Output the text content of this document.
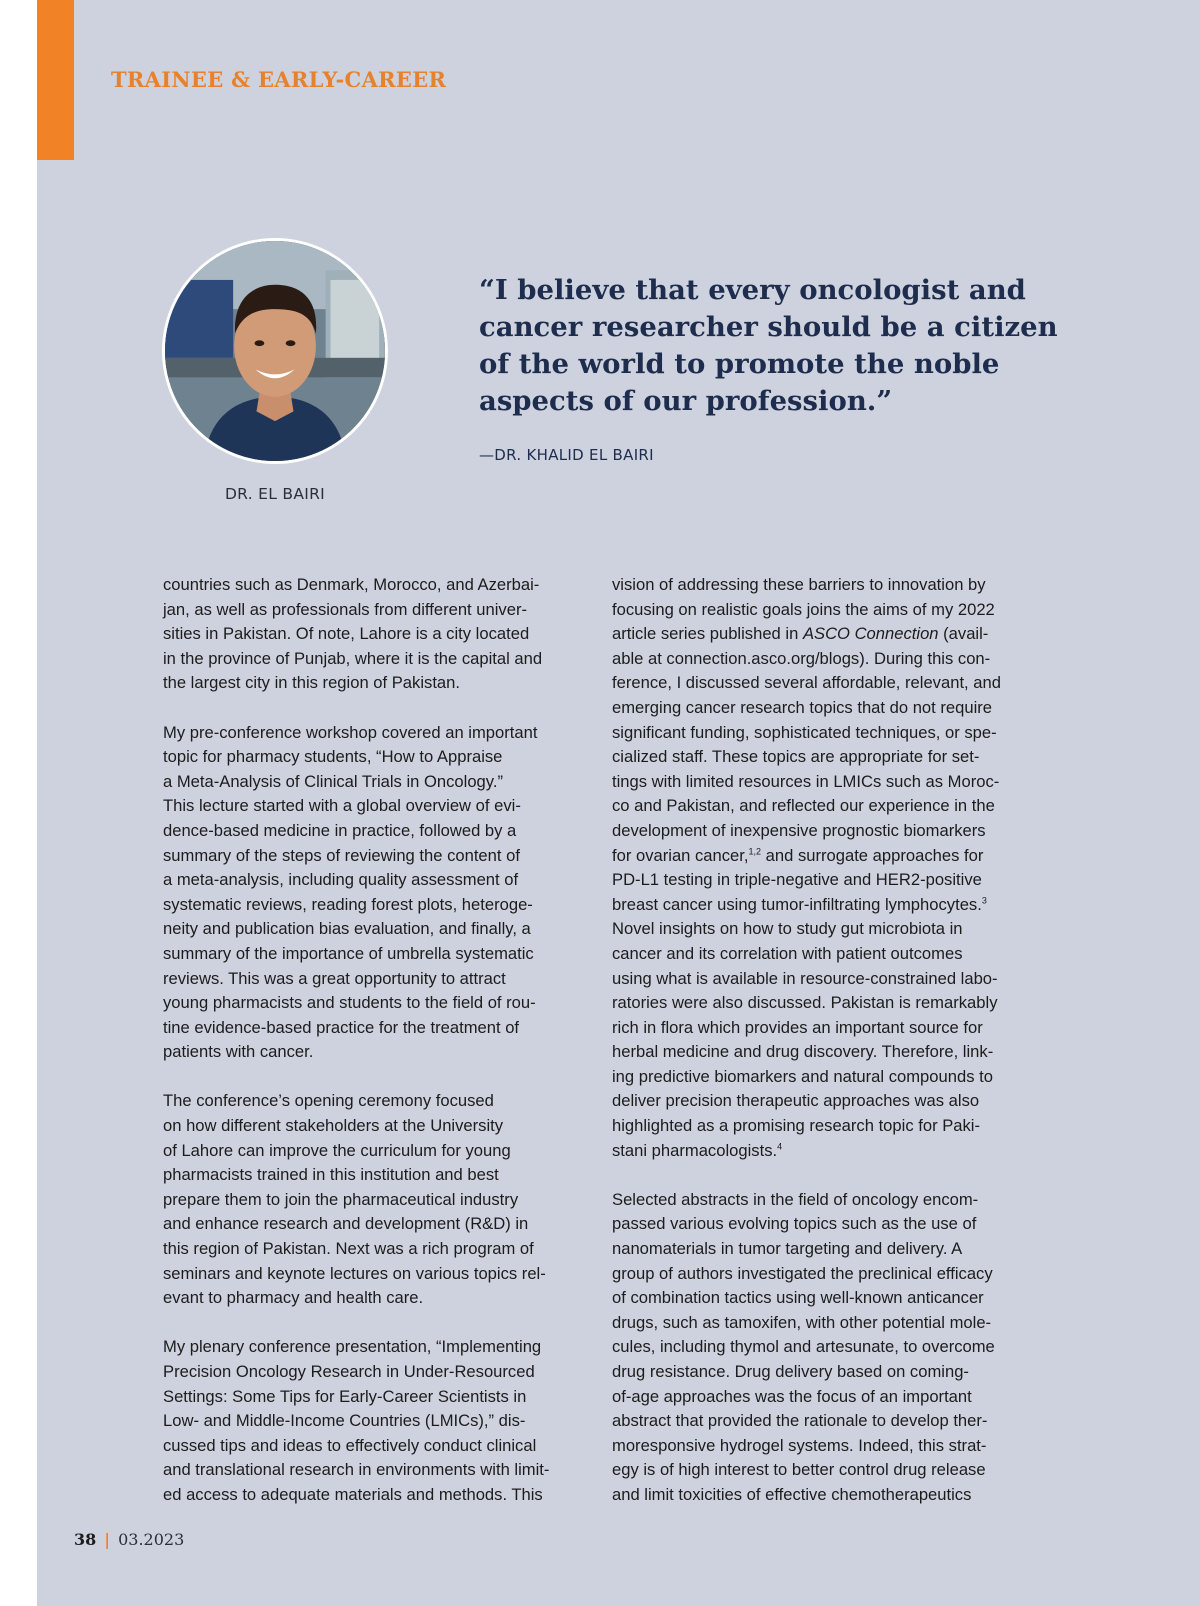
TRAINEE & EARLY-CAREER
DR. EL BAIRI
“I believe that every oncologist and
cancer researcher should be a citizen
of the world to promote the noble
aspects of our profession.”
—DR. KHALID EL BAIRI

countries such as Denmark, Morocco, and Azerbai-
jan, as well as professionals from different univer-
sities in Pakistan. Of note, Lahore is a city located
in the province of Punjab, where it is the capital and
the largest city in this region of Pakistan.

My pre-conference workshop covered an important
topic for pharmacy students, “How to Appraise
a Meta-Analysis of Clinical Trials in Oncology.”
This lecture started with a global overview of evi-
dence-based medicine in practice, followed by a
summary of the steps of reviewing the content of
a meta-analysis, including quality assessment of
systematic reviews, reading forest plots, heteroge-
neity and publication bias evaluation, and finally, a
summary of the importance of umbrella systematic
reviews. This was a great opportunity to attract
young pharmacists and students to the field of rou-
tine evidence-based practice for the treatment of
patients with cancer.

The conference’s opening ceremony focused
on how different stakeholders at the University
of Lahore can improve the curriculum for young
pharmacists trained in this institution and best
prepare them to join the pharmaceutical industry
and enhance research and development (R&D) in
this region of Pakistan. Next was a rich program of
seminars and keynote lectures on various topics rel-
evant to pharmacy and health care.

My plenary conference presentation, “Implementing
Precision Oncology Research in Under-Resourced
Settings: Some Tips for Early-Career Scientists in
Low- and Middle-Income Countries (LMICs),” dis-
cussed tips and ideas to effectively conduct clinical
and translational research in environments with limit-
ed access to adequate materials and methods. This

vision of addressing these barriers to innovation by
focusing on realistic goals joins the aims of my 2022
article series published in ASCO Connection (avail-
able at connection.asco.org/blogs). During this con-
ference, I discussed several affordable, relevant, and
emerging cancer research topics that do not require
significant funding, sophisticated techniques, or spe-
cialized staff. These topics are appropriate for set-
tings with limited resources in LMICs such as Moroc-
co and Pakistan, and reflected our experience in the
development of inexpensive prognostic biomarkers
for ovarian cancer,$^{1,2}$ and surrogate approaches for
PD-L1 testing in triple-negative and HER2-positive
breast cancer using tumor-infiltrating lymphocytes.$^3$
Novel insights on how to study gut microbiota in
cancer and its correlation with patient outcomes
using what is available in resource-constrained labo-
ratories were also discussed. Pakistan is remarkably
rich in flora which provides an important source for
herbal medicine and drug discovery. Therefore, link-
ing predictive biomarkers and natural compounds to
deliver precision therapeutic approaches was also
highlighted as a promising research topic for Paki-
stani pharmacologists.$^4$

Selected abstracts in the field of oncology encom-
passed various evolving topics such as the use of
nanomaterials in tumor targeting and delivery. A
group of authors investigated the preclinical efficacy
of combination tactics using well-known anticancer
drugs, such as tamoxifen, with other potential mole-
cules, including thymol and artesunate, to overcome
drug resistance. Drug delivery based on coming-
of-age approaches was the focus of an important
abstract that provided the rationale to develop ther-
moresponsive hydrogel systems. Indeed, this strat-
egy is of high interest to better control drug release
and limit toxicities of effective chemotherapeutics

38 | 03.2023
